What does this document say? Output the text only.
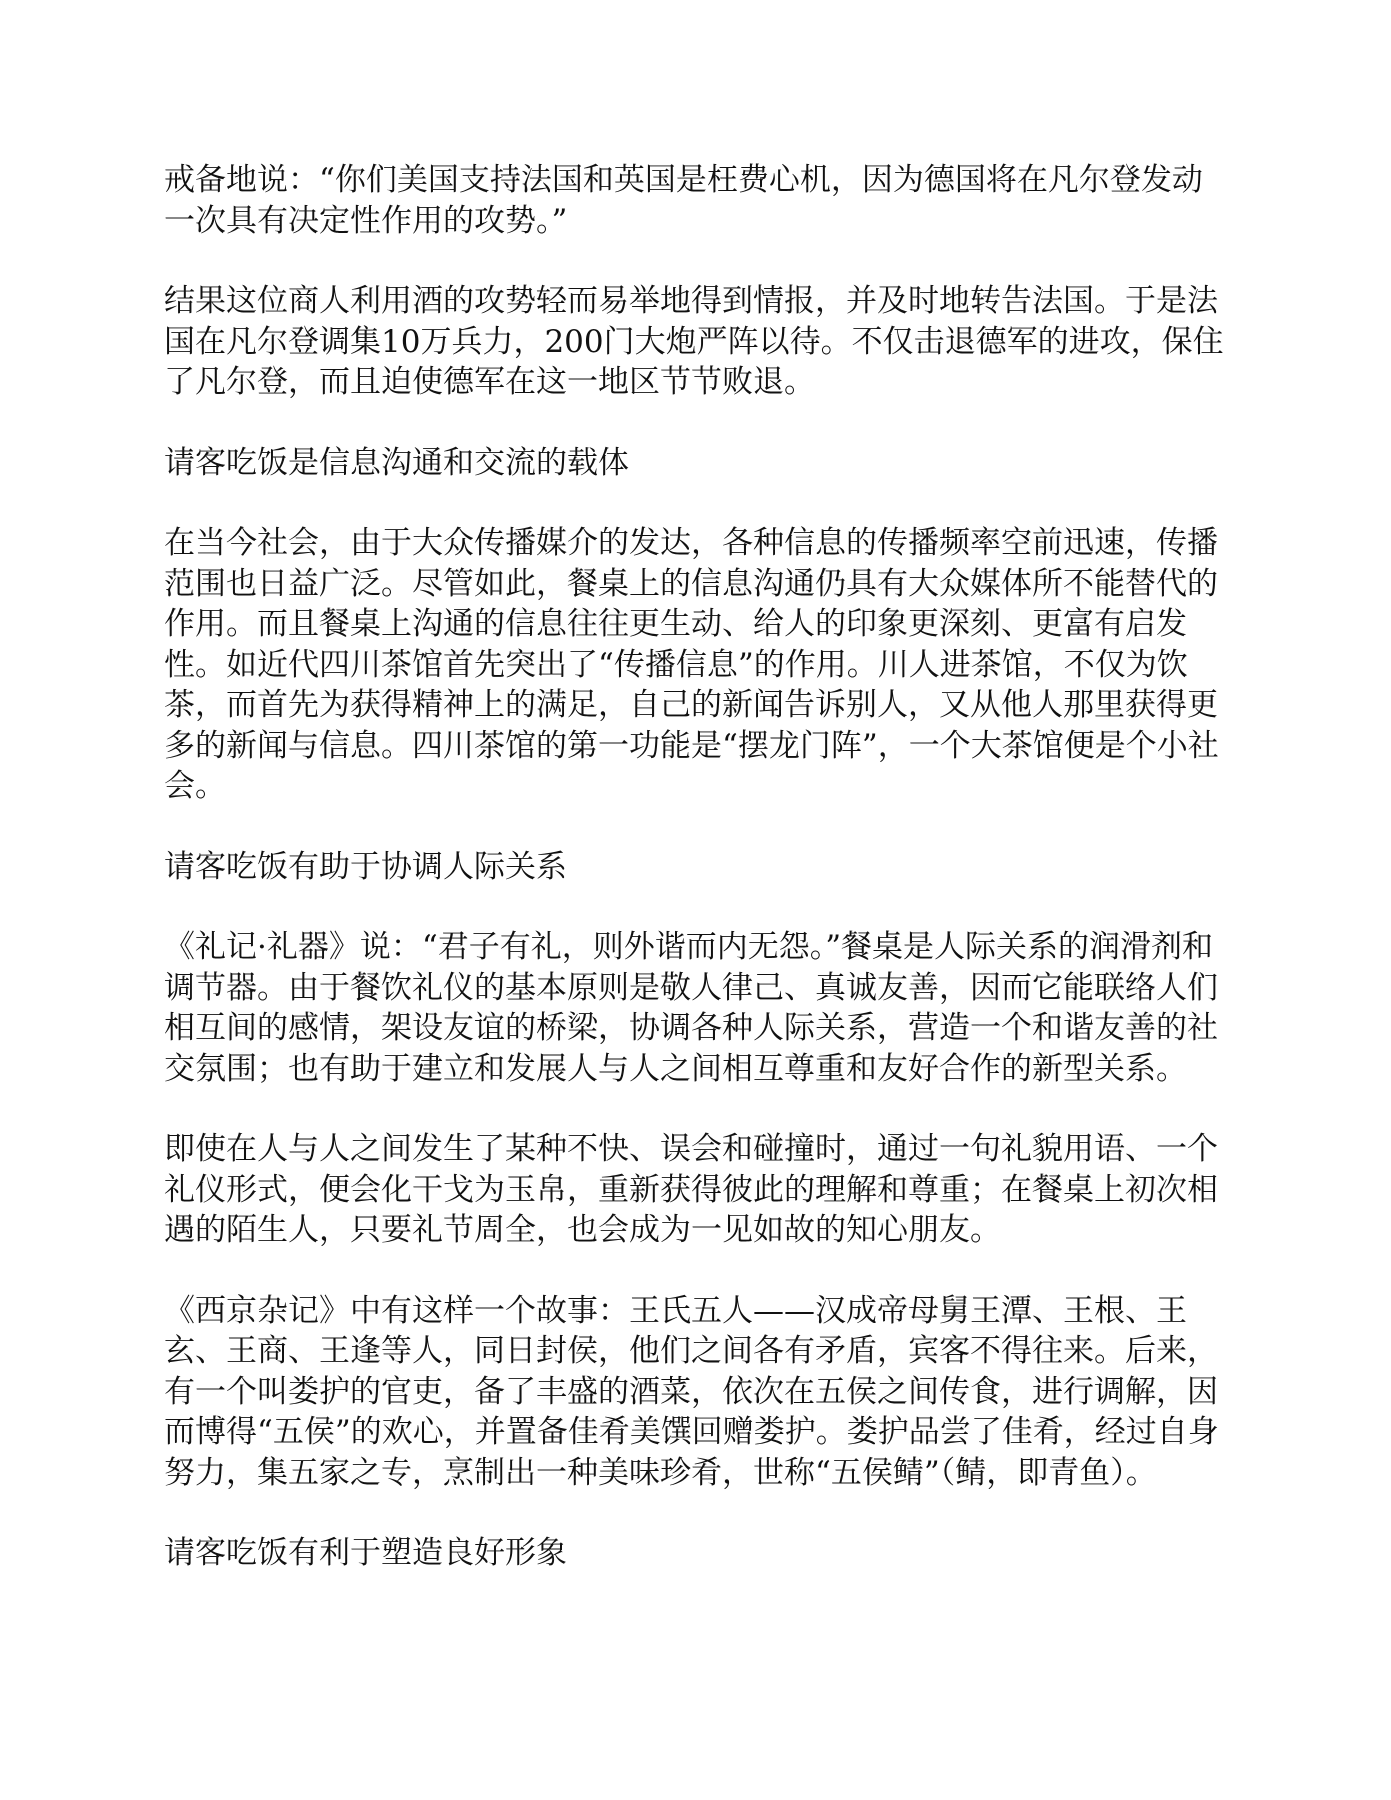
戒备地说：“你们美国支持法国和英国是枉费心机，因为德国将在凡尔登发动一次具有决定性作用的攻势。”

结果这位商人利用酒的攻势轻而易举地得到情报，并及时地转告法国。于是法国在凡尔登调集10万兵力，200门大炮严阵以待。不仅击退德军的进攻，保住了凡尔登，而且迫使德军在这一地区节节败退。

请客吃饭是信息沟通和交流的载体

在当今社会，由于大众传播媒介的发达，各种信息的传播频率空前迅速，传播范围也日益广泛。尽管如此，餐桌上的信息沟通仍具有大众媒体所不能替代的作用。而且餐桌上沟通的信息往往更生动、给人的印象更深刻、更富有启发性。如近代四川茶馆首先突出了“传播信息”的作用。川人进茶馆，不仅为饮茶，而首先为获得精神上的满足，自己的新闻告诉别人，又从他人那里获得更多的新闻与信息。四川茶馆的第一功能是“摆龙门阵”，一个大茶馆便是个小社会。

请客吃饭有助于协调人际关系

《礼记·礼器》说：“君子有礼，则外谐而内无怨。”餐桌是人际关系的润滑剂和调节器。由于餐饮礼仪的基本原则是敬人律己、真诚友善，因而它能联络人们相互间的感情，架设友谊的桥梁，协调各种人际关系，营造一个和谐友善的社交氛围；也有助于建立和发展人与人之间相互尊重和友好合作的新型关系。

即使在人与人之间发生了某种不快、误会和碰撞时，通过一句礼貌用语、一个礼仪形式，便会化干戈为玉帛，重新获得彼此的理解和尊重；在餐桌上初次相遇的陌生人，只要礼节周全，也会成为一见如故的知心朋友。

《西京杂记》中有这样一个故事：王氏五人——汉成帝母舅王潭、王根、王玄、王商、王逢等人，同日封侯，他们之间各有矛盾，宾客不得往来。后来，有一个叫娄护的官吏，备了丰盛的酒菜，依次在五侯之间传食，进行调解，因而博得“五侯”的欢心，并置备佳肴美馔回赠娄护。娄护品尝了佳肴，经过自身努力，集五家之专，烹制出一种美味珍肴，世称“五侯鲭”（鲭，即青鱼）。

请客吃饭有利于塑造良好形象
